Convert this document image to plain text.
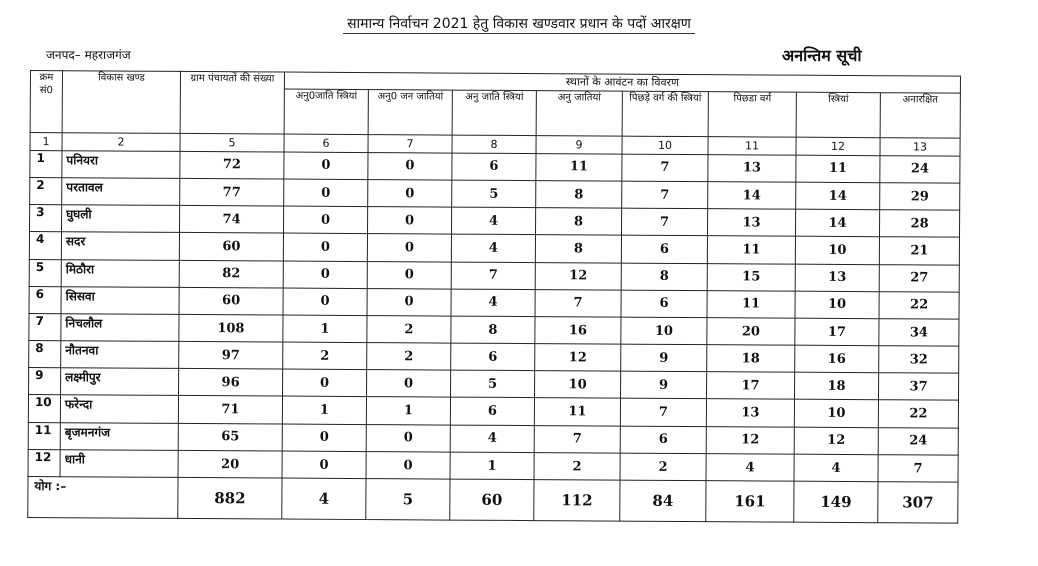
सामान्य निर्वाचन 2021 हेतु विकास खण्डवार प्रधान के पदों आरक्षण
जनपद– महराजगंज	अनन्तिम सूची
क्रम सं0	विकास खण्ड	ग्राम पंचायतों की संख्या	स्थानों के आवंटन का विवरण							
			अनु0जाति स्त्रियां	अनु0 जन जातियां	अनु जाति स्त्रियां	अनु जातियां	पिछड़े वर्ग की स्त्रियां	पिछडा वर्ग	स्त्रियां	अनारक्षित
1	2	5	6	7	8	9	10	11	12	13
1	पनियरा	72	0	0	6	11	7	13	11	24
2	परतावल	77	0	0	5	8	7	14	14	29
3	घुघली	74	0	0	4	8	7	13	14	28
4	सदर	60	0	0	4	8	6	11	10	21
5	मिठौरा	82	0	0	7	12	8	15	13	27
6	सिसवा	60	0	0	4	7	6	11	10	22
7	निचलौल	108	1	2	8	16	10	20	17	34
8	नौतनवा	97	2	2	6	12	9	18	16	32
9	लक्ष्मीपुर	96	0	0	5	10	9	17	18	37
10	फरेन्दा	71	1	1	6	11	7	13	10	22
11	बृजमनगंज	65	0	0	4	7	6	12	12	24
12	धानी	20	0	0	1	2	2	4	4	7
योग :–		882	4	5	60	112	84	161	149	307
